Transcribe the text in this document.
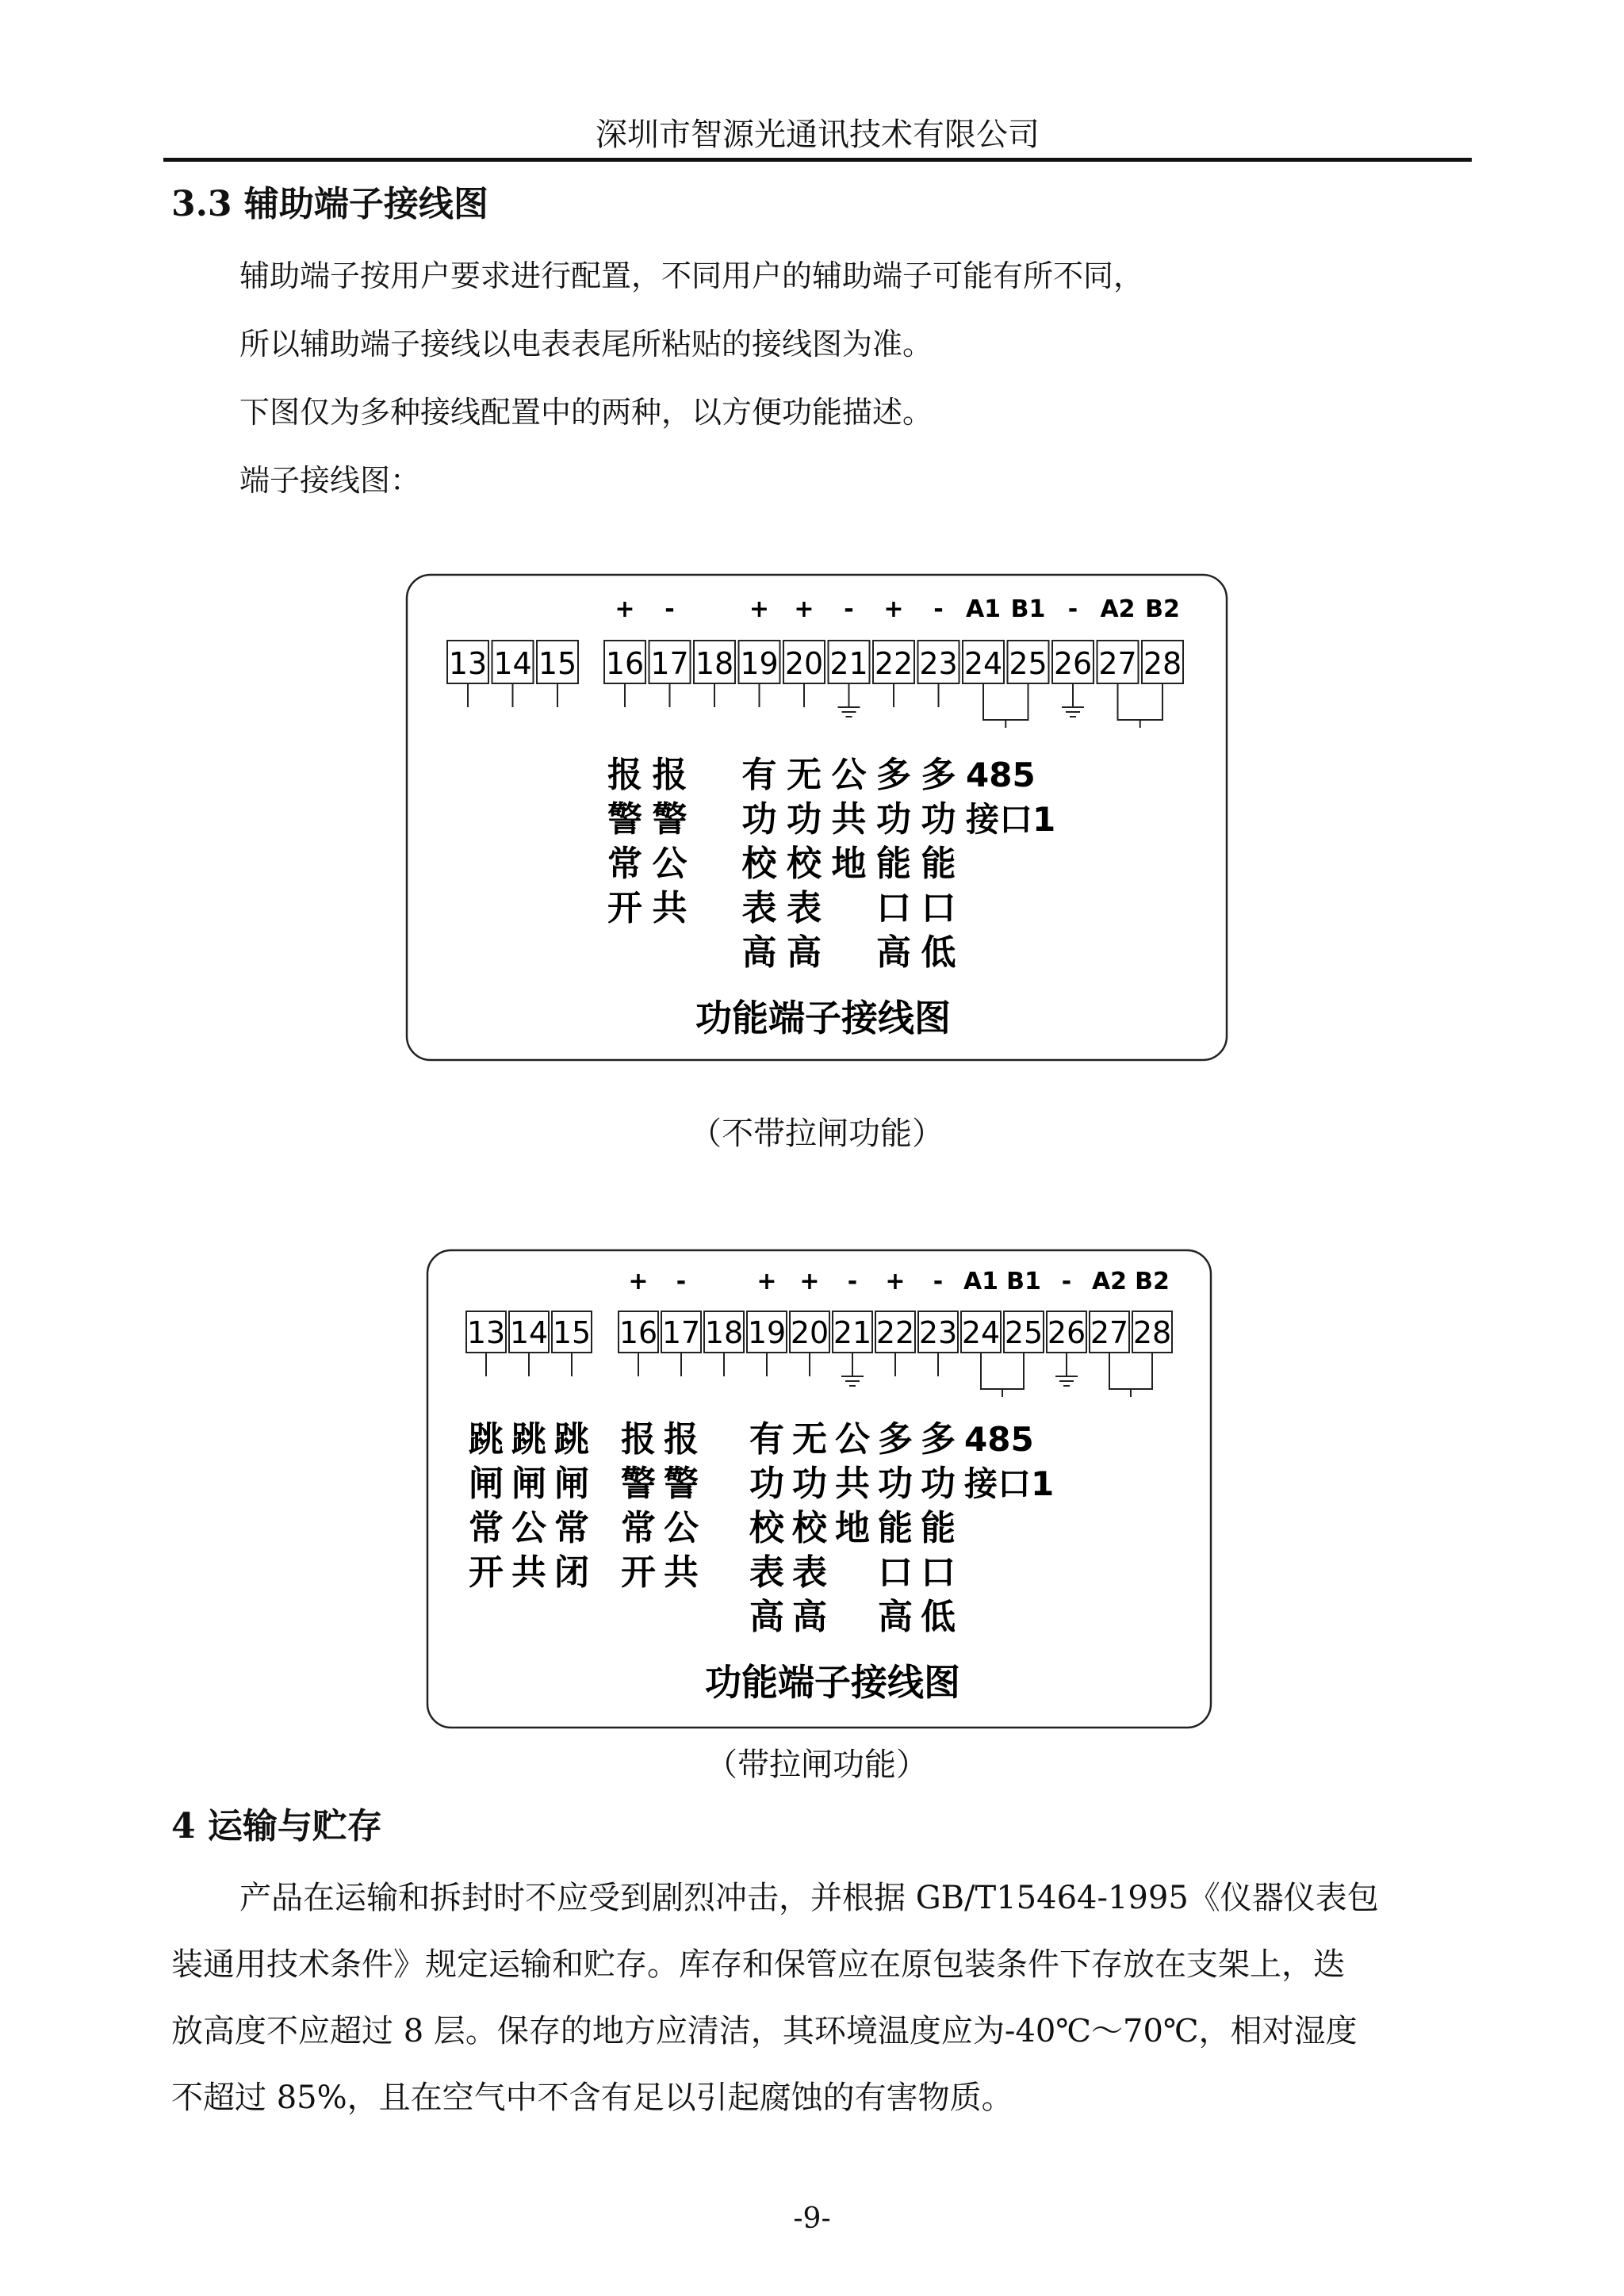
深圳市智源光通讯技术有限公司
3.3 辅助端子接线图
辅助端子按用户要求进行配置，不同用户的辅助端子可能有所不同，
所以辅助端子接线以电表表尾所粘贴的接线图为准。
下图仅为多种接线配置中的两种，以方便功能描述。
端子接线图：
+ -	+ + - + - A1 B1 - A2 B2
13 14 15 16 17 18 19 20 21 22 23 24 25 26 27 28
报
警
常
开
报
警
公
共
有
功
校
表
高
无
功
校
表
高
公
共
地
多
功
能
口
高
多
功
能
口
低
485
接口1
功能端子接线图
（不带拉闸功能）
+ -	+ + - + - A1 B1 - A2 B2
13 14 15 16 17 18 19 20 21 22 23 24 25 26 27 28
跳
闸
常
开
跳
闸
公
共
跳
闸
常
闭
报
警
常
开
报
警
公
共
有
功
校
表
高
无
功
校
表
高
公
共
地
多
功
能
口
高
多
功
能
口
低
485
接口1
功能端子接线图
（带拉闸功能）
4 运输与贮存

产品在运输和拆封时不应受到剧烈冲击，并根据 GB/T15464-1995《仪器仪表包

装通用技术条件》规定运输和贮存。库存和保管应在原包装条件下存放在支架上，迭

放高度不应超过 8 层。保存的地方应清洁，其环境温度应为-40℃～70℃，相对湿度

不超过 85%，且在空气中不含有足以引起腐蚀的有害物质。

-9-
